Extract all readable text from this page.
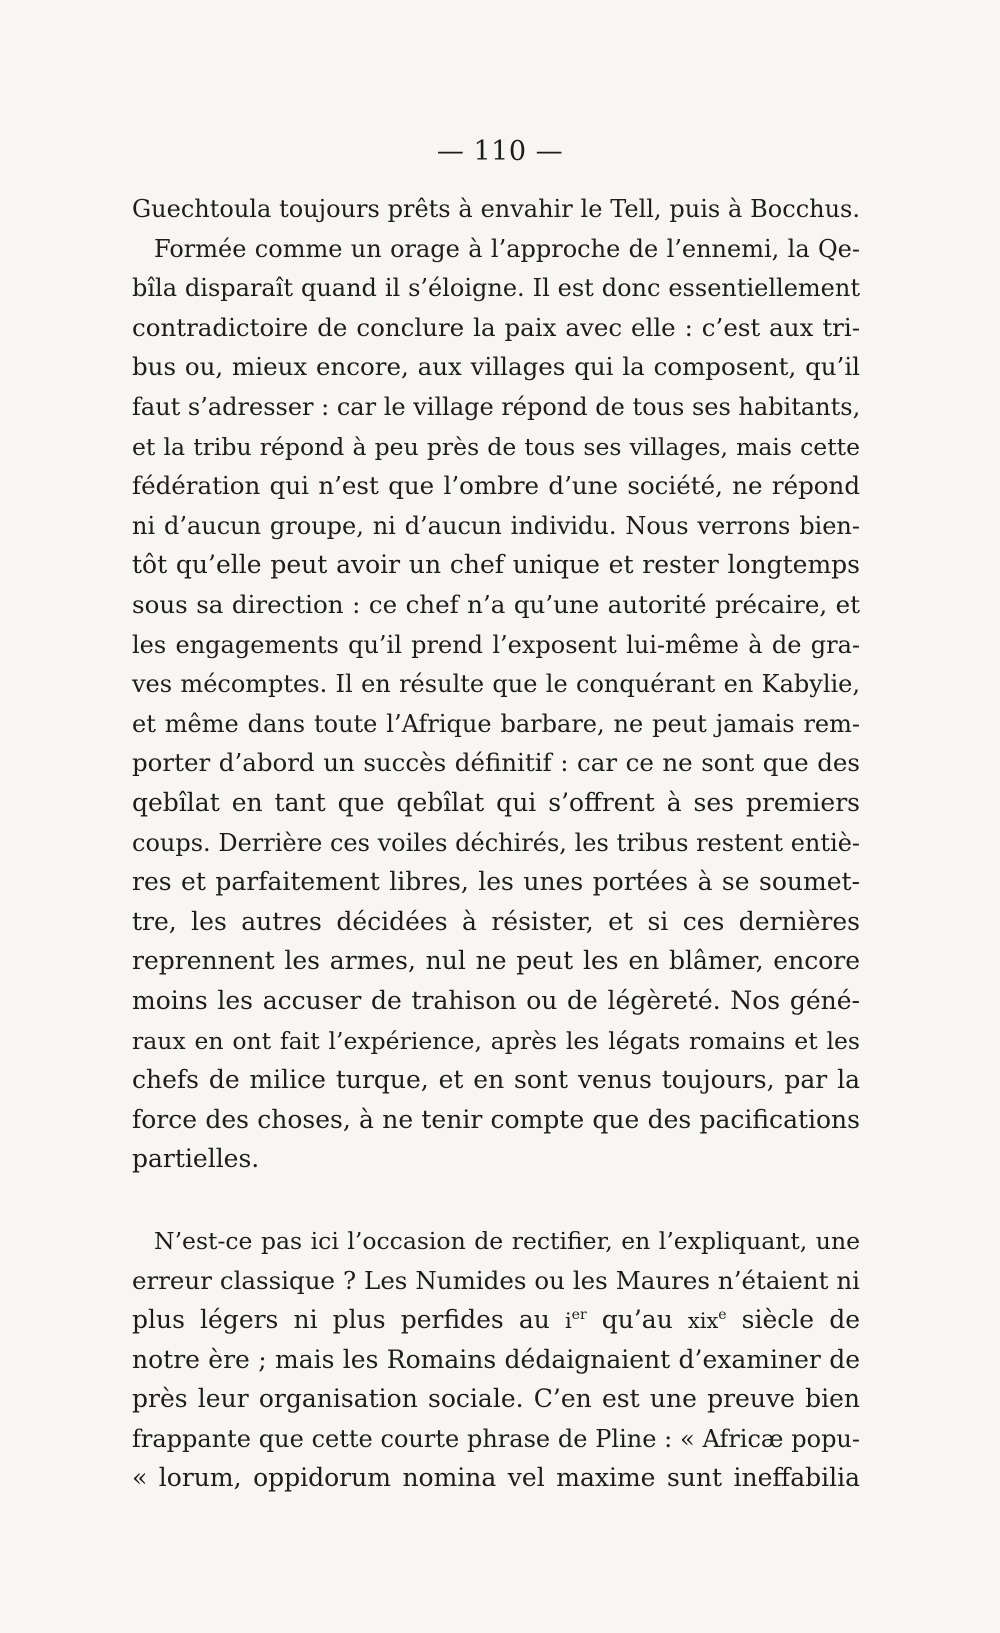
— 110 —
Guechtoula toujours prêts à envahir le Tell, puis à Bocchus.
Formée comme un orage à l’approche de l’ennemi, la Qe-
bîla disparaît quand il s’éloigne. Il est donc essentiellement
contradictoire de conclure la paix avec elle : c’est aux tri-
bus ou, mieux encore, aux villages qui la composent, qu’il
faut s’adresser : car le village répond de tous ses habitants,
et la tribu répond à peu près de tous ses villages, mais cette
fédération qui n’est que l’ombre d’une société, ne répond
ni d’aucun groupe, ni d’aucun individu. Nous verrons bien-
tôt qu’elle peut avoir un chef unique et rester longtemps
sous sa direction : ce chef n’a qu’une autorité précaire, et
les engagements qu’il prend l’exposent lui-même à de gra-
ves mécomptes. Il en résulte que le conquérant en Kabylie,
et même dans toute l’Afrique barbare, ne peut jamais rem-
porter d’abord un succès définitif : car ce ne sont que des
qebîlat en tant que qebîlat qui s’offrent à ses premiers
coups. Derrière ces voiles déchirés, les tribus restent entiè-
res et parfaitement libres, les unes portées à se soumet-
tre, les autres décidées à résister, et si ces dernières
reprennent les armes, nul ne peut les en blâmer, encore
moins les accuser de trahison ou de légèreté. Nos géné-
raux en ont fait l’expérience, après les légats romains et les
chefs de milice turque, et en sont venus toujours, par la
force des choses, à ne tenir compte que des pacifications
partielles.
N’est-ce pas ici l’occasion de rectifier, en l’expliquant, une
erreur classique ? Les Numides ou les Maures n’étaient ni
plus légers ni plus perfides au $i^{er}$ qu’au xix$^e$ siècle de
notre ère ; mais les Romains dédaignaient d’examiner de
près leur organisation sociale. C’en est une preuve bien
frappante que cette courte phrase de Pline : « Africæ popu-
« lorum, oppidorum nomina vel maxime sunt ineffabilia
